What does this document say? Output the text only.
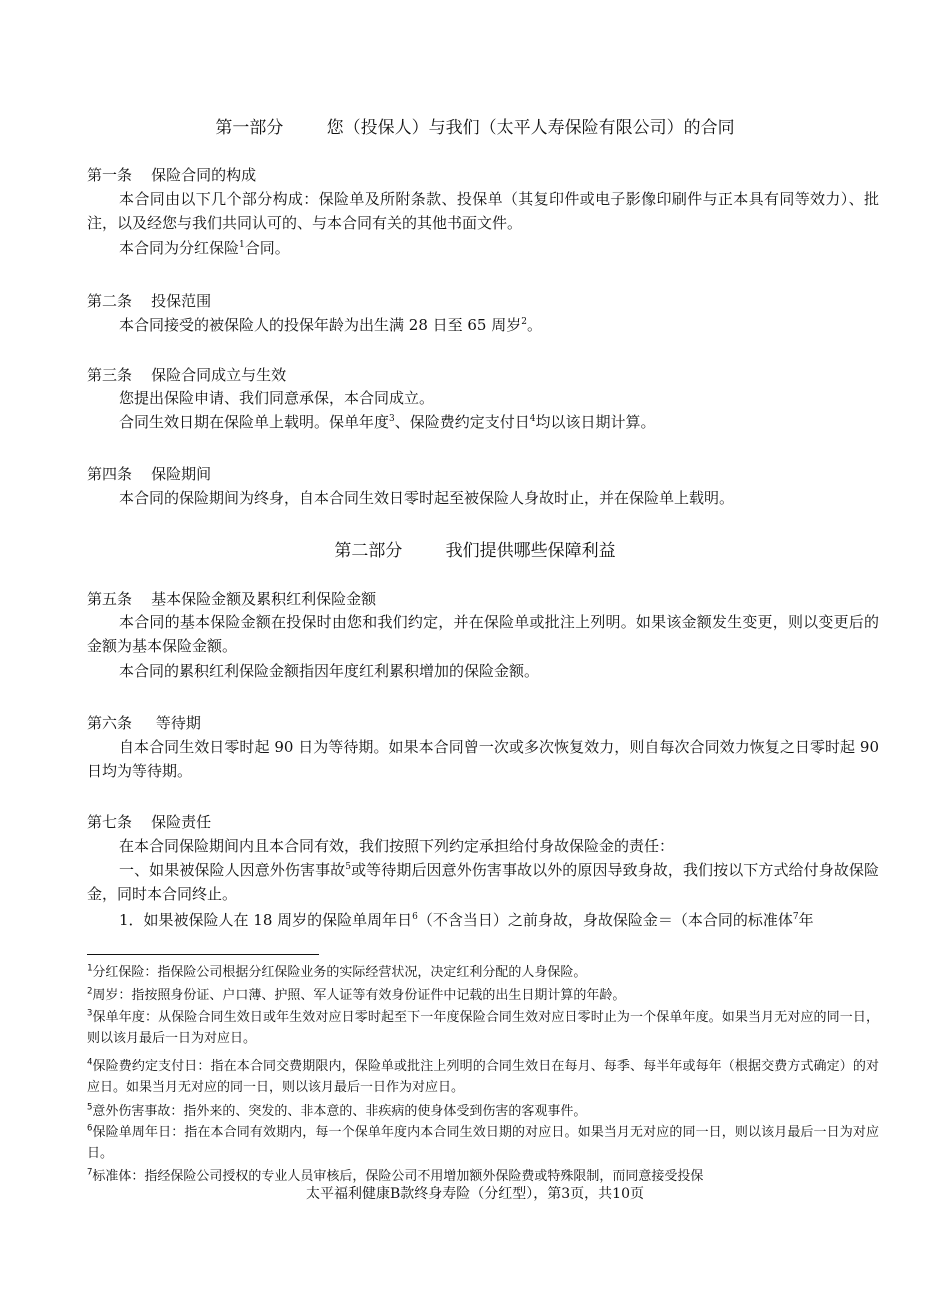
第一部分        您（投保人）与我们（太平人寿保险有限公司）的合同
第一条    保险合同的构成
本合同由以下几个部分构成：保险单及所附条款、投保单（其复印件或电子影像印刷件与正本具有同等效力）、批注，以及经您与我们共同认可的、与本合同有关的其他书面文件。
本合同为分红保险$^1$合同。
第二条    投保范围
本合同接受的被保险人的投保年龄为出生满 28 日至 65 周岁$^2$。
第三条    保险合同成立与生效
您提出保险申请、我们同意承保，本合同成立。
合同生效日期在保险单上载明。保单年度$^3$、保险费约定支付日$^4$均以该日期计算。
第四条    保险期间
本合同的保险期间为终身，自本合同生效日零时起至被保险人身故时止，并在保险单上载明。
第二部分        我们提供哪些保障利益
第五条    基本保险金额及累积红利保险金额
本合同的基本保险金额在投保时由您和我们约定，并在保险单或批注上列明。如果该金额发生变更，则以变更后的金额为基本保险金额。
本合同的累积红利保险金额指因年度红利累积增加的保险金额。
第六条     等待期
自本合同生效日零时起 90 日为等待期。如果本合同曾一次或多次恢复效力，则自每次合同效力恢复之日零时起 90 日均为等待期。
第七条    保险责任
在本合同保险期间内且本合同有效，我们按照下列约定承担给付身故保险金的责任：
一、如果被保险人因意外伤害事故$^5$或等待期后因意外伤害事故以外的原因导致身故，我们按以下方式给付身故保险金，同时本合同终止。
1．如果被保险人在 18 周岁的保险单周年日$^6$（不含当日）之前身故，身故保险金＝（本合同的标准体$^7$年
$^1$分红保险：指保险公司根据分红保险业务的实际经营状况，决定红利分配的人身保险。
$^2$周岁：指按照身份证、户口薄、护照、军人证等有效身份证件中记载的出生日期计算的年龄。
$^3$保单年度：从保险合同生效日或年生效对应日零时起至下一年度保险合同生效对应日零时止为一个保单年度。如果当月无对应的同一日，则以该月最后一日为对应日。
$^4$保险费约定支付日：指在本合同交费期限内，保险单或批注上列明的合同生效日在每月、每季、每半年或每年（根据交费方式确定）的对应日。如果当月无对应的同一日，则以该月最后一日作为对应日。
$^5$意外伤害事故：指外来的、突发的、非本意的、非疾病的使身体受到伤害的客观事件。
$^6$保险单周年日：指在本合同有效期内，每一个保单年度内本合同生效日期的对应日。如果当月无对应的同一日，则以该月最后一日为对应日。
$^7$标准体：指经保险公司授权的专业人员审核后，保险公司不用增加额外保险费或特殊限制，而同意接受投保
太平福利健康B款终身寿险（分红型），第3页，共10页
